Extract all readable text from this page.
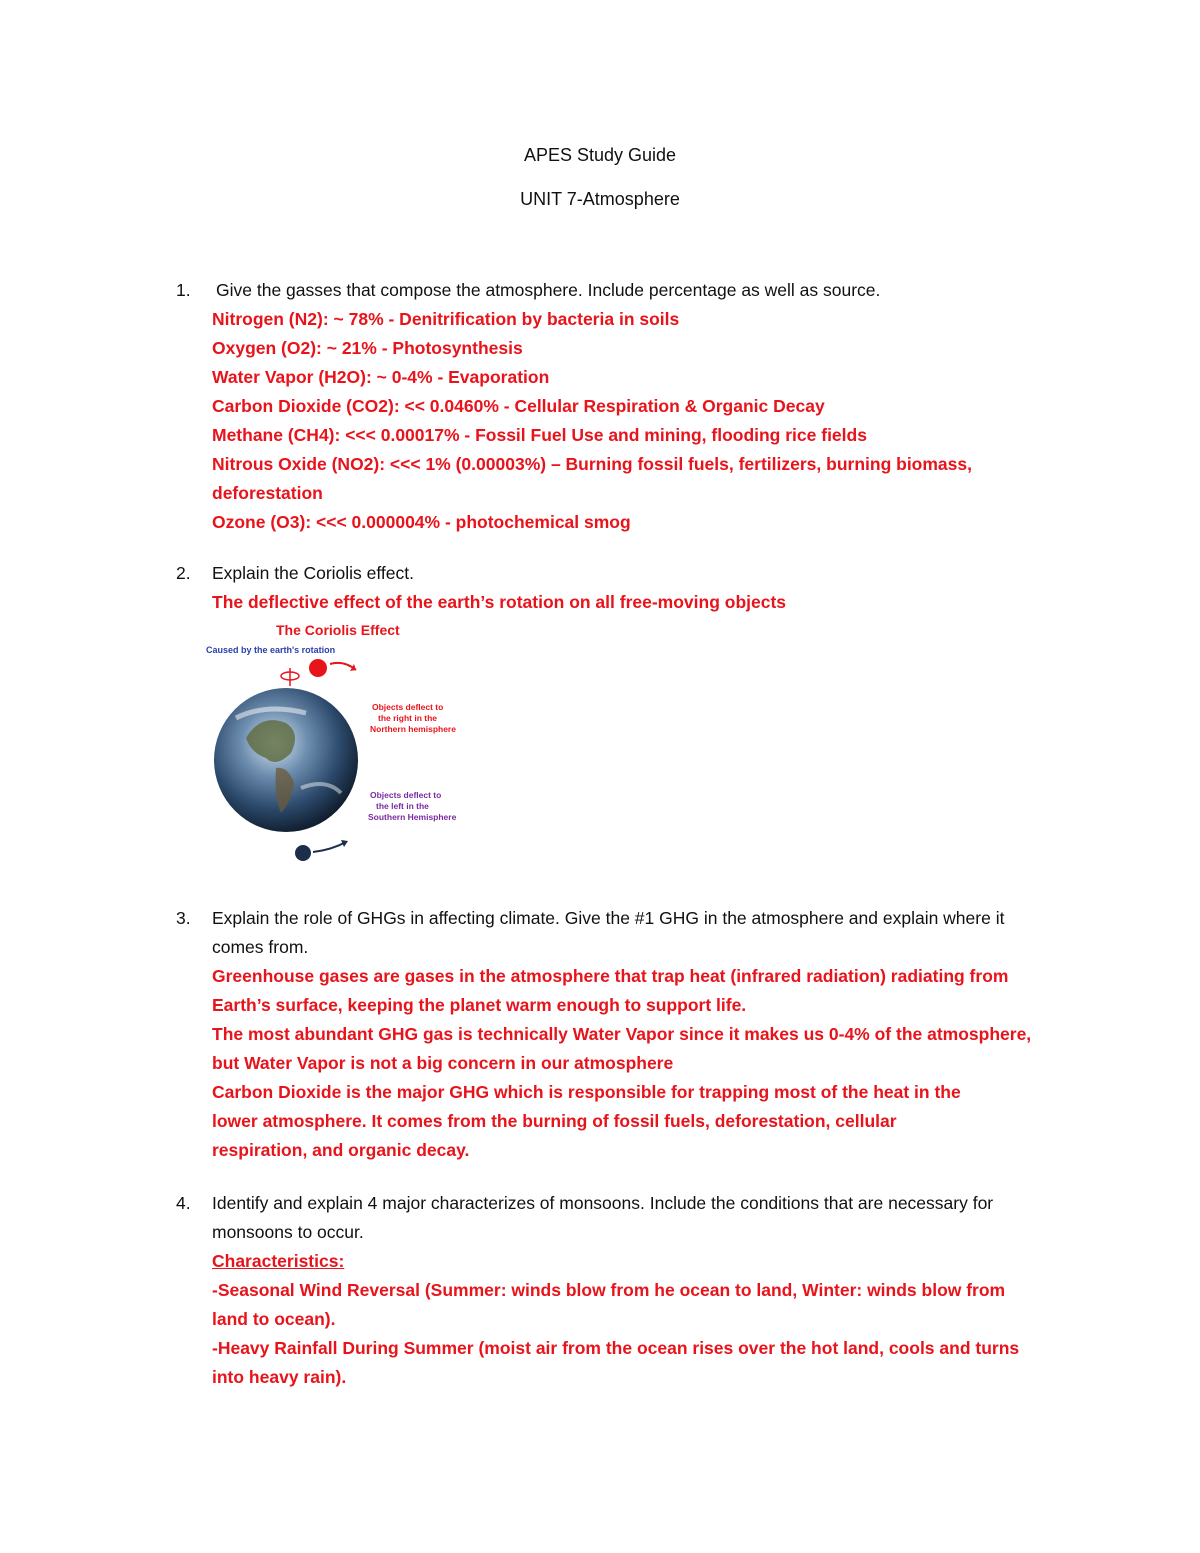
APES Study Guide
UNIT 7-Atmosphere
1. Give the gasses that compose the atmosphere. Include percentage as well as source.
Nitrogen (N2): ~ 78% - Denitrification by bacteria in soils
Oxygen (O2): ~ 21% - Photosynthesis
Water Vapor (H2O): ~ 0-4% - Evaporation
Carbon Dioxide (CO2): << 0.0460% - Cellular Respiration & Organic Decay
Methane (CH4): <<< 0.00017% - Fossil Fuel Use and mining, flooding rice fields
Nitrous Oxide (NO2): <<< 1% (0.00003%) – Burning fossil fuels, fertilizers, burning biomass, deforestation
Ozone (O3): <<< 0.000004% - photochemical smog
2. Explain the Coriolis effect.
The deflective effect of the earth’s rotation on all free-moving objects
The Coriolis Effect
Caused by the earth's rotation
Objects deflect to
the right in the
Northern hemisphere
Objects deflect to
the left in the
Southern Hemisphere
3. Explain the role of GHGs in affecting climate. Give the #1 GHG in the atmosphere and explain where it comes from.
Greenhouse gases are gases in the atmosphere that trap heat (infrared radiation) radiating from Earth’s surface, keeping the planet warm enough to support life.
The most abundant GHG gas is technically Water Vapor since it makes us 0-4% of the atmosphere, but Water Vapor is not a big concern in our atmosphere
Carbon Dioxide is the major GHG which is responsible for trapping most of the heat in the lower atmosphere. It comes from the burning of fossil fuels, deforestation, cellular respiration, and organic decay.
4. Identify and explain 4 major characterizes of monsoons. Include the conditions that are necessary for monsoons to occur.
Characteristics:
-Seasonal Wind Reversal (Summer: winds blow from he ocean to land, Winter: winds blow from land to ocean).
-Heavy Rainfall During Summer (moist air from the ocean rises over the hot land, cools and turns into heavy rain).
